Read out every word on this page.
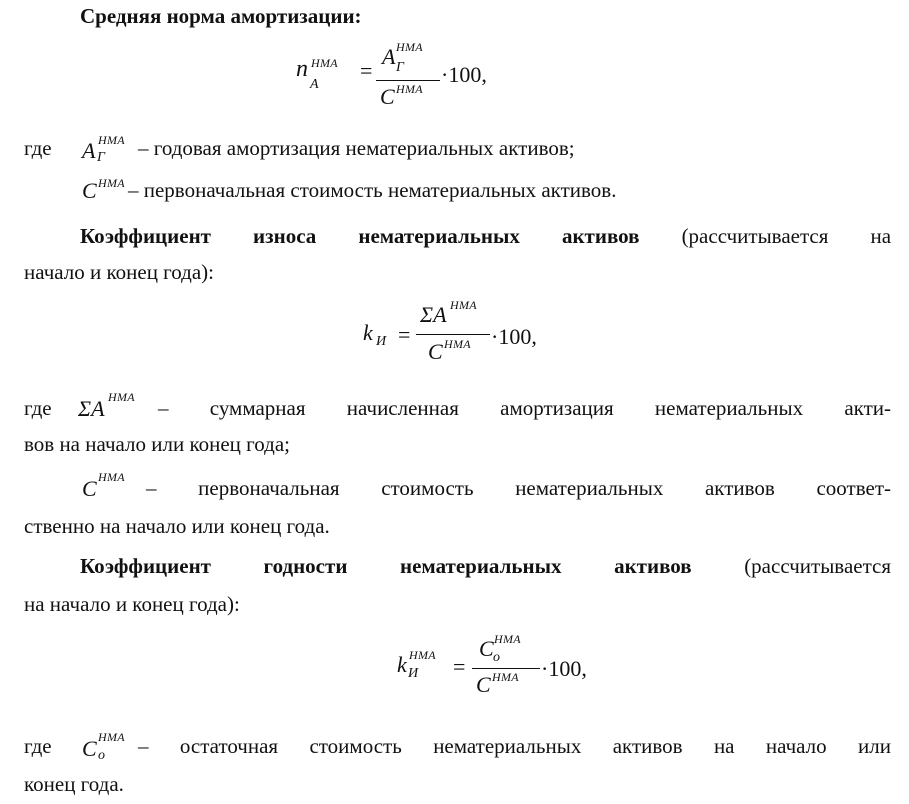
Средняя норма амортизации:
n НМА
А
=
A НМА
Г
C НМА
·100,
где	A НМА
Г – годовая амортизация нематериальных активов;
C НМА – первоначальная стоимость нематериальных активов.
Коэффициент износа нематериальных активов (рассчитывается на
начало и конец года):
k И =
ΣA НМА
C НМА ·100,
где	ΣA НМА – суммарная начисленная амортизация нематериальных акти-
вов на начало или конец года;
C НМА – первоначальная стоимость нематериальных активов соответ-
ственно на начало или конец года.
Коэффициент годности нематериальных активов	(рассчитывается
на начало и конец года):
k НМА
И =
C НМА
o
C НМА ·100,
где	C НМА
o – остаточная стоимость нематериальных активов на начало или
конец года.
